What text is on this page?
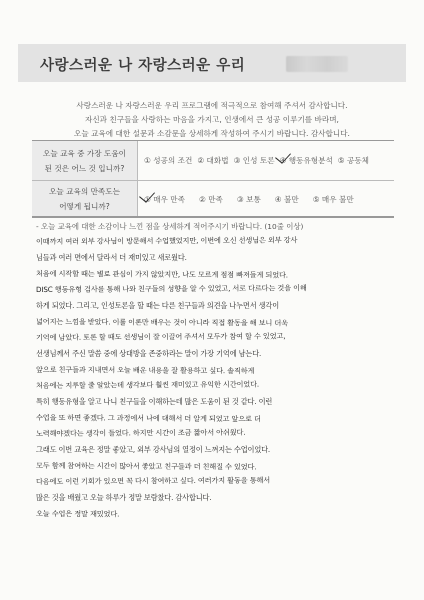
사랑스러운 나 자랑스러운 우리
사랑스러운 나 자랑스러운 우리 프로그램에 적극적으로 참여해 주셔서 감사합니다.
자신과 친구들을 사랑하는 마음을 가지고, 인생에서 큰 성공 이루기를 바라며,
오늘 교육에 대한 설문과 소감문을 상세하게 작성하여 주시기 바랍니다. 감사합니다.
오늘 교육 중 가장 도움이
된 것은 어느 것 입니까?
① 성공의 조건 ② 대화법 ③ 인성 토론 ④ 행동유형분석 ⑤ 공동체
오늘 교육의 만족도는
어떻게 됩니까?
① 매우 만족 ② 만족 ③ 보통 ④ 불만 ⑤ 매우 불만
- 오늘 교육에 대한 소감이나 느낀 점을 상세하게 적어주시기 바랍니다. (10줄 이상)
이때까지 여러 외부 강사님이 방문해서 수업했었지만, 이번에 오신 선생님은 외부 강사
님들과 여러 면에서 달라서 더 재미있고 새로웠다.
처음에 시작할 때는 별로 관심이 가지 않았지만, 나도 모르게 점점 빠져들게 되었다.
DISC 행동유형 검사를 통해 나와 친구들의 성향을 알 수 있었고, 서로 다르다는 것을 이해
하게 되었다. 그리고, 인성토론을 할 때는 다른 친구들과 의견을 나누면서 생각이
넓어지는 느낌을 받았다. 이를 이론만 배우는 것이 아니라 직접 활동을 해 보니 더욱
기억에 남았다. 토론 할 때도 선생님이 잘 이끌어 주셔서 모두가 참여 할 수 있었고,
선생님께서 주신 말씀 중에 상대방을 존중하라는 말이 가장 기억에 남는다.
앞으로 친구들과 지내면서 오늘 배운 내용을 잘 활용하고 싶다. 솔직하게
처음에는 지루할 줄 알았는데 생각보다 훨씬 재미있고 유익한 시간이었다.
특히 행동유형을 알고 나니 친구들을 이해하는데 많은 도움이 된 것 같다. 이런
수업을 또 하면 좋겠다. 그 과정에서 나에 대해서 더 알게 되었고 앞으로 더
노력해야겠다는 생각이 들었다. 하지만 시간이 조금 짧아서 아쉬웠다.
그래도 이번 교육은 정말 좋았고, 외부 강사님의 열정이 느껴지는 수업이었다.
모두 함께 참여하는 시간이 많아서 좋았고 친구들과 더 친해질 수 있었다.
다음에도 이런 기회가 있으면 꼭 다시 참여하고 싶다. 여러가지 활동을 통해서
많은 것을 배웠고 오늘 하루가 정말 보람찼다. 감사합니다.
오늘 수업은 정말 재밌었다.
